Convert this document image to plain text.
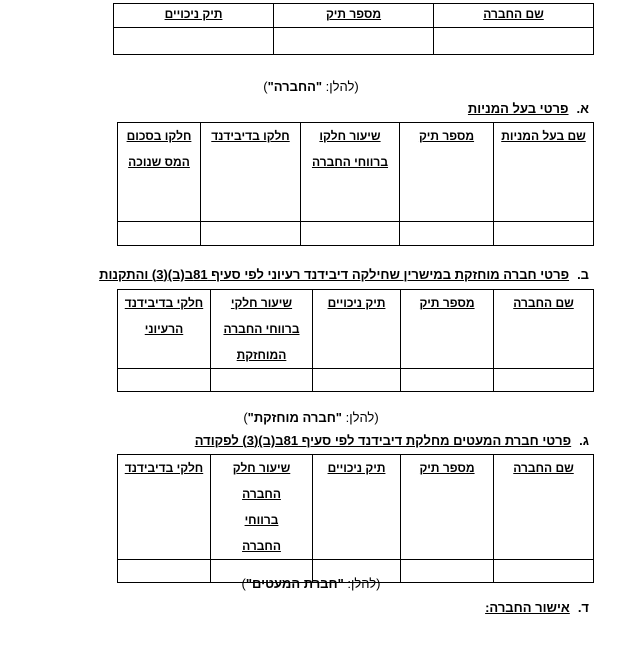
שם החברה	מספר תיק	תיק ניכויים

(להלן: "החברה")
א.
פרטי בעל המניות
שם בעל המניות	מספר תיק	שיעור חלקו ברווחי החברה	חלקו בדיבידנד	חלקו בסכום המס שנוכה

ב.
פרטי חברה מוחזקת במישרין שחילקה דיבידנד רעיוני לפי סעיף 81ב(ב)(3) והתקנות
שם החברה	מספר תיק	תיק ניכויים	שיעור חלקי ברווחי החברה המוחזקת	חלקי בדיבידנד הרעיוני

(להלן: "חברה מוחזקת")
ג.
פרטי חברת המעטים מחלקת דיבידנד לפי סעיף 81ב(ב)(3) לפקודה
שם החברה	מספר תיק	תיק ניכויים	שיעור חלק החברה ברווחי החברה	חלקי בדיבידנד

(להלן: "חברת המעטים")
ד.
אישור החברה:
